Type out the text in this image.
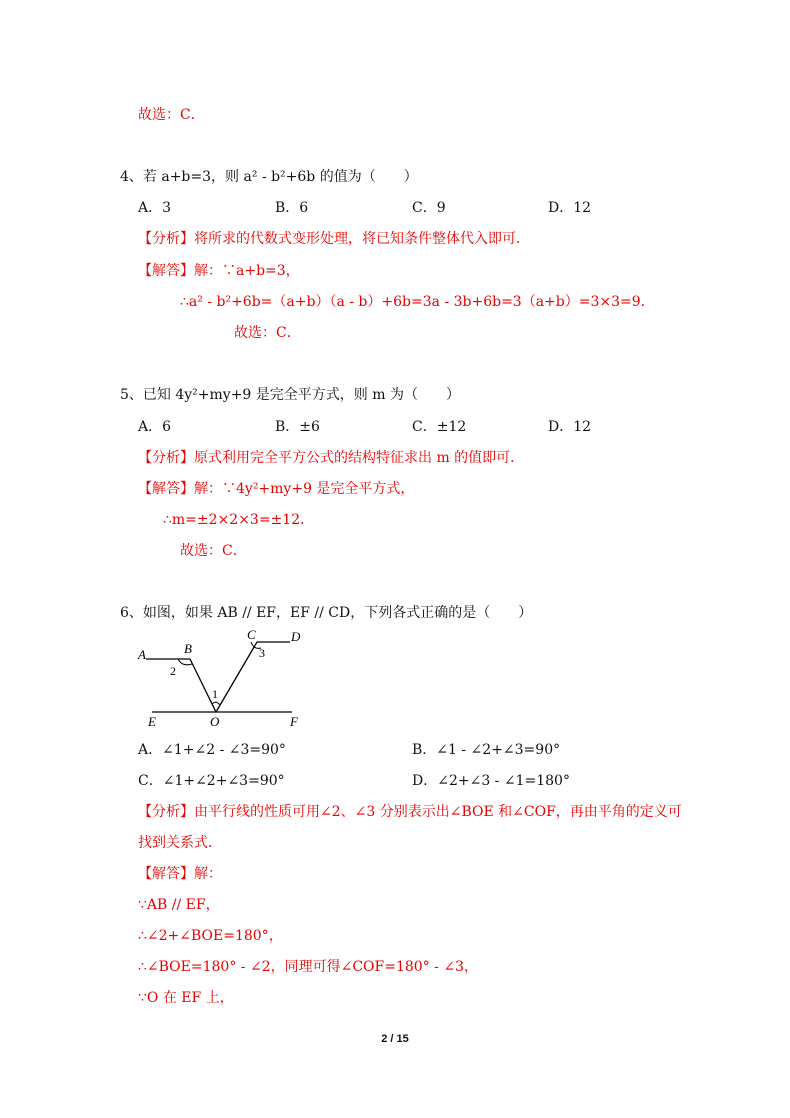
故选：C．
4、若 a+b=3，则 a² - b²+6b 的值为（　　）
A．3	B．6	C．9	D．12
【分析】将所求的代数式变形处理，将已知条件整体代入即可．
【解答】解：∵a+b=3，
∴a² - b²+6b=（a+b）（a - b）+6b=3a - 3b+6b=3（a+b）=3×3=9．
故选：C．
5、已知 4y²+my+9 是完全平方式，则 m 为（　　）
A．6	B．±6	C．±12	D．12
【分析】原式利用完全平方公式的结构特征求出 m 的值即可．
【解答】解：∵4y²+my+9 是完全平方式，
∴m=±2×2×3=±12．
故选：C．
6、如图，如果 AB // EF，EF // CD，下列各式正确的是（　　）
A	B
C	D
E	O	F
2
3
1
A．∠1+∠2 - ∠3=90°	B．∠1 - ∠2+∠3=90°
C．∠1+∠2+∠3=90°	D．∠2+∠3 - ∠1=180°
【分析】由平行线的性质可用∠2、∠3 分别表示出∠BOE 和∠COF，再由平角的定义可
找到关系式．
【解答】解：
∵AB // EF，
∴∠2+∠BOE=180°，
∴∠BOE=180° - ∠2，同理可得∠COF=180° - ∠3，
∵O 在 EF 上，
2 / 15
